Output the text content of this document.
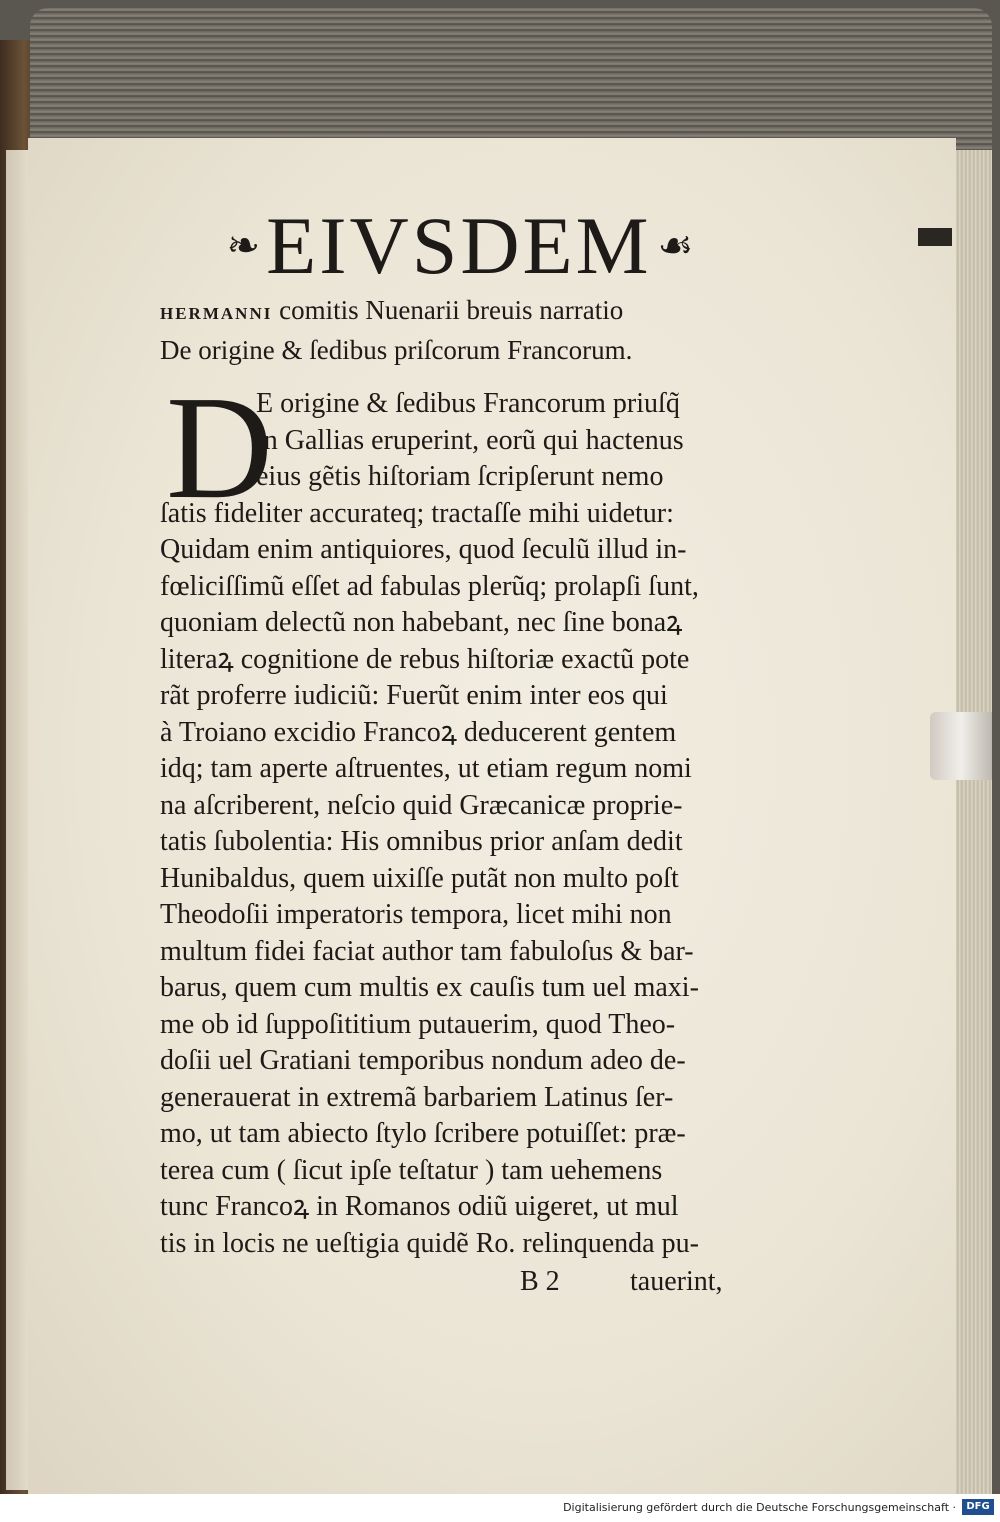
❧ EIVSDEM ☙
HERMANNI comitis Nuenarii breuis narratio
De origine & ſedibus priſcorum Francorum.
D
E origine & ſedibus Francorum priuſq̃
in Gallias eruperint, eorũ qui hactenus
eius gẽtis hiſtoriam ſcripſerunt nemo
ſatis fideliter accurateq; tractaſſe mihi uidetur:
Quidam enim antiquiores, quod ſeculũ illud in-
fœliciſſimũ eſſet ad fabulas plerũq; prolapſi ſunt,
quoniam delectũ non habebant, nec ſine bonaꝝ
literaꝝ cognitione de rebus hiſtoriæ exactũ pote
rãt proferre iudiciũ: Fuerũt enim inter eos qui
à Troiano excidio Francoꝝ deducerent gentem
idq; tam aperte aſtruentes, ut etiam regum nomi
na aſcriberent, neſcio quid Græcanicæ proprie-
tatis ſubolentia: His omnibus prior anſam dedit
Hunibaldus, quem uixiſſe putãt non multo poſt
Theodoſii imperatoris tempora, licet mihi non
multum fidei faciat author tam fabuloſus & bar-
barus, quem cum multis ex cauſis tum uel maxi-
me ob id ſuppoſititium putauerim, quod Theo-
doſii uel Gratiani temporibus nondum adeo de-
generauerat in extremã barbariem Latinus ſer-
mo, ut tam abiecto ſtylo ſcribere potuiſſet: præ-
terea cum ( ſicut ipſe teſtatur ) tam uehemens
tunc Francoꝝ in Romanos odiũ uigeret, ut mul
tis in locis ne ueſtigia quidẽ Ro. relinquenda pu-
B 2	tauerint,
Digitalisierung gefördert durch die Deutsche Forschungsgemeinschaft ·	DFG
